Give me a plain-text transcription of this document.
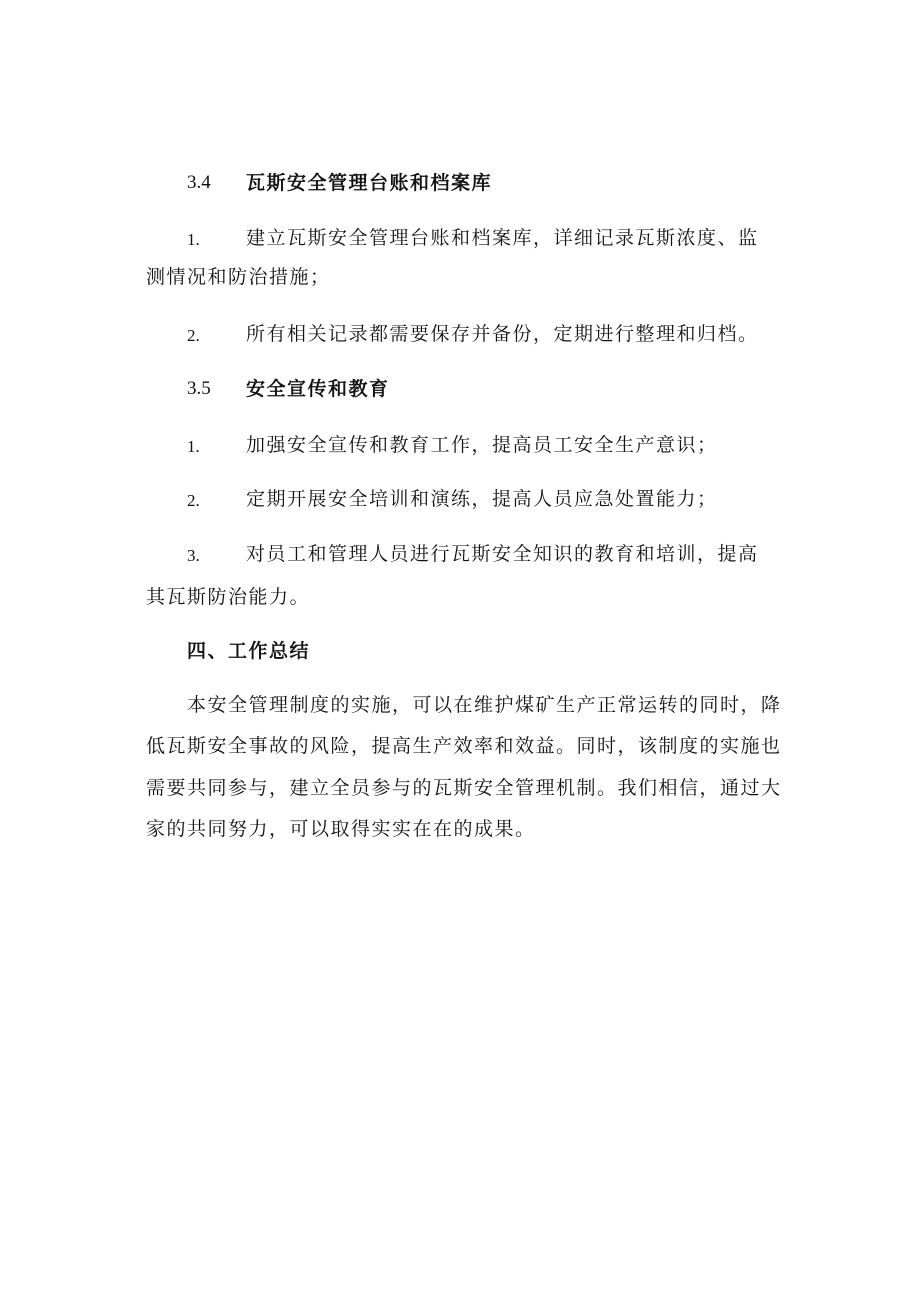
3.4 瓦斯安全管理台账和档案库
1. 建立瓦斯安全管理台账和档案库，详细记录瓦斯浓度、监
测情况和防治措施；
2. 所有相关记录都需要保存并备份，定期进行整理和归档。
3.5 安全宣传和教育
1. 加强安全宣传和教育工作，提高员工安全生产意识；
2. 定期开展安全培训和演练，提高人员应急处置能力；
3. 对员工和管理人员进行瓦斯安全知识的教育和培训，提高
其瓦斯防治能力。
四、工作总结
本安全管理制度的实施，可以在维护煤矿生产正常运转的同时，降
低瓦斯安全事故的风险，提高生产效率和效益。同时，该制度的实施也
需要共同参与，建立全员参与的瓦斯安全管理机制。我们相信，通过大
家的共同努力，可以取得实实在在的成果。
